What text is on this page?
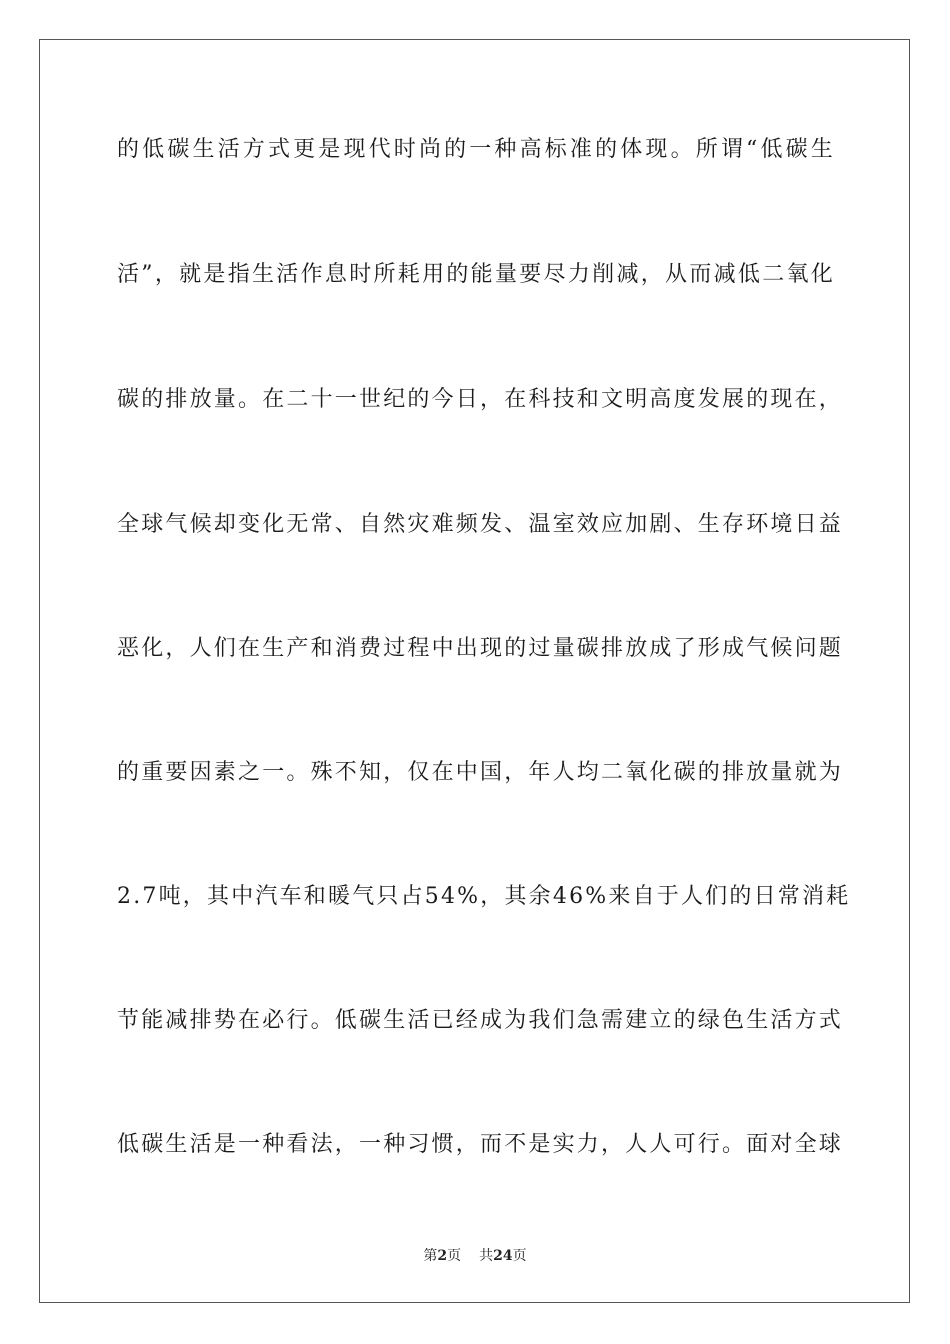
的低碳生活方式更是现代时尚的一种高标准的体现。所谓“低碳生
活”，就是指生活作息时所耗用的能量要尽力削减，从而减低二氧化
碳的排放量。在二十一世纪的今日，在科技和文明高度发展的现在，
全球气候却变化无常、自然灾难频发、温室效应加剧、生存环境日益
恶化，人们在生产和消费过程中出现的过量碳排放成了形成气候问题
的重要因素之一。殊不知，仅在中国，年人均二氧化碳的排放量就为
2.7吨，其中汽车和暖气只占54%，其余46%来自于人们的日常消耗
节能减排势在必行。低碳生活已经成为我们急需建立的绿色生活方式
低碳生活是一种看法，一种习惯，而不是实力，人人可行。面对全球
第2页 共24页
